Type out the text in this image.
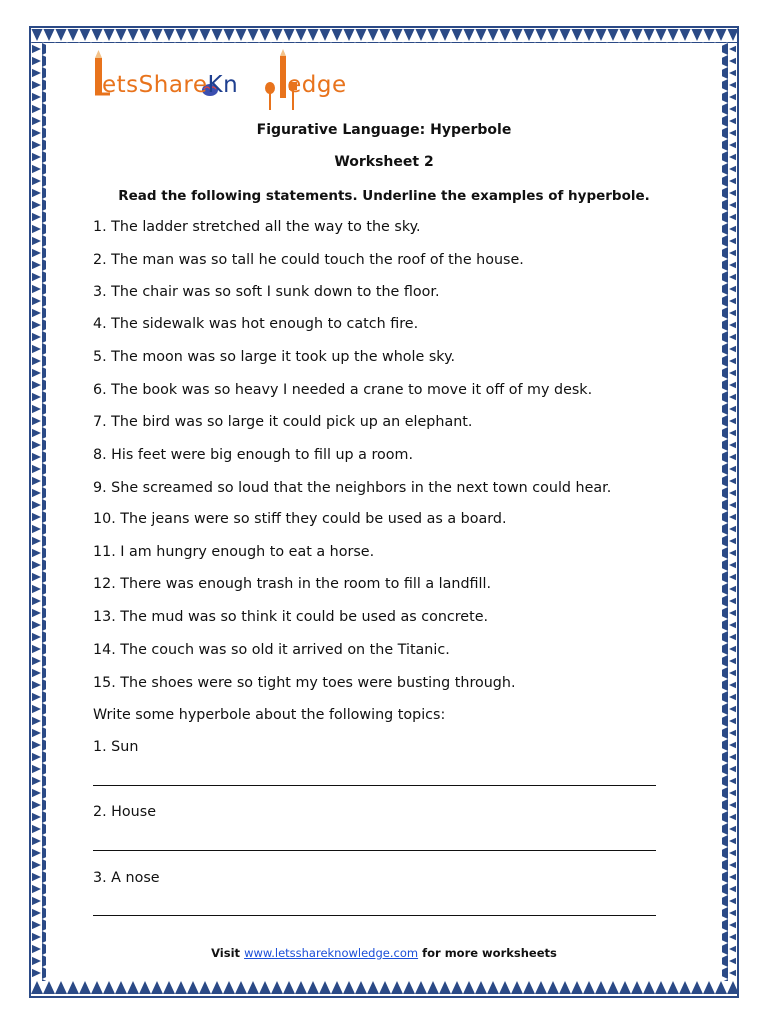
etsShareKn ledge
Figurative Language: Hyperbole
Worksheet 2
Read the following statements. Underline the examples of hyperbole.
1. The ladder stretched all the way to the sky.
2. The man was so tall he could touch the roof of the house.
3. The chair was so soft I sunk down to the floor.
4. The sidewalk was hot enough to catch fire.
5. The moon was so large it took up the whole sky.
6. The book was so heavy I needed a crane to move it off of my desk.
7. The bird was so large it could pick up an elephant.
8. His feet were big enough to fill up a room.
9. She screamed so loud that the neighbors in the next town could hear.
10. The jeans were so stiff they could be used as a board.
11. I am hungry enough to eat a horse.
12. There was enough trash in the room to fill a landfill.
13. The mud was so think it could be used as concrete.
14. The couch was so old it arrived on the Titanic.
15. The shoes were so tight my toes were busting through.
Write some hyperbole about the following topics:
1. Sun
2. House
3. A nose
Visit www.letsshareknowledge.com for more worksheets
